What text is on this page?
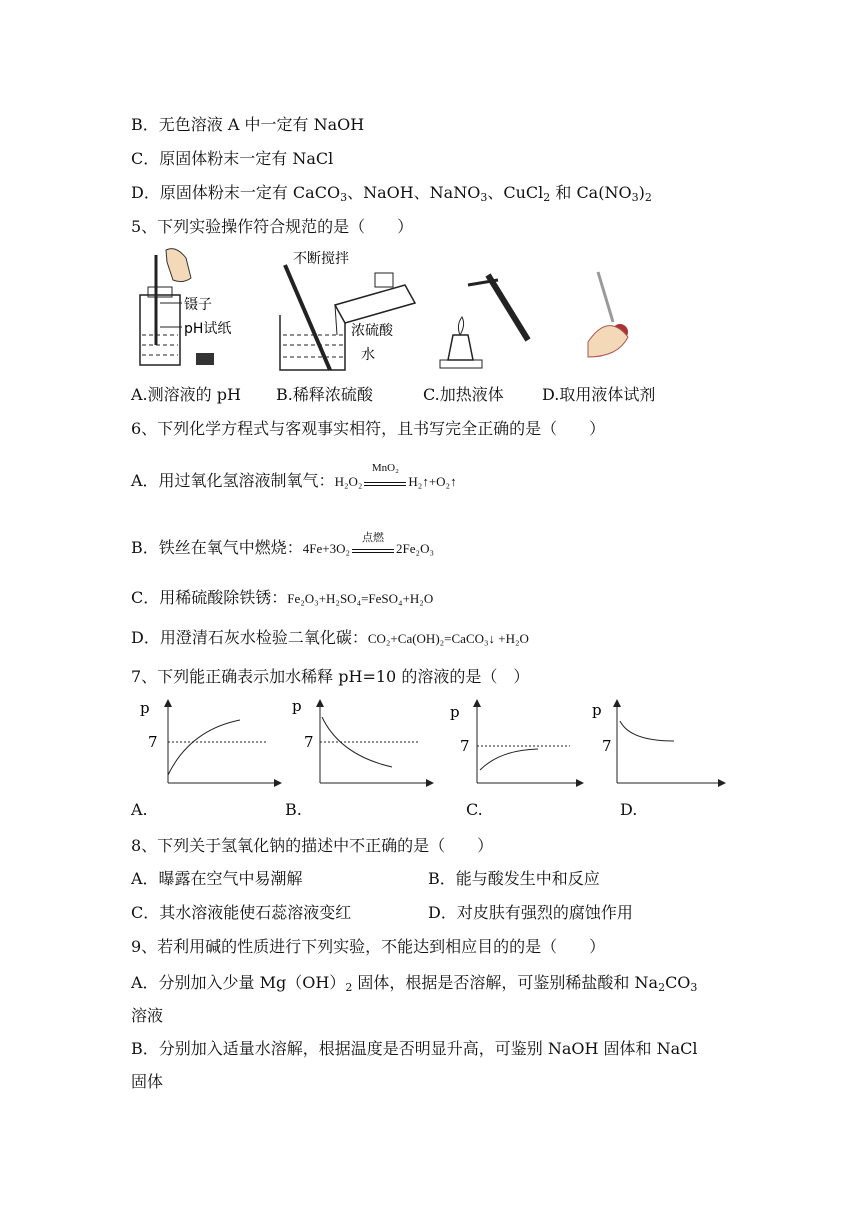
B．无色溶液 A 中一定有 NaOH
C．原固体粉末一定有 NaCl
D．原固体粉末一定有 CaCO$_3$、NaOH、NaNO$_3$、CuCl$_2$ 和 $Ca(NO_3)_2$
5、下列实验操作符合规范的是（　　）
镊子
pH试纸
不断搅拌
浓硫酸
水
A.测溶液的 pH B.稀释浓硫酸	C.加热液体 D.取用液体试剂
6、下列化学方程式与客观事实相符，且书写完全正确的是（　　）
A．用过氧化氢溶液制氧气：H₂O₂
MnO₂
H₂↑+O₂↑
B．铁丝在氧气中燃烧：4Fe+3O₂
点燃
2Fe₂O₃
C．用稀硫酸除铁锈：Fe₂O₃+H₂SO₄=FeSO₄+H₂O
D．用澄清石灰水检验二氧化碳：CO₂+Ca(OH)₂=CaCO₃↓ +H₂O
7、下列能正确表示加水稀释 pH=10 的溶液的是（　）
p
7
p
7
p
7
p
7
A.	B.	C.	D.
8、下列关于氢氧化钠的描述中不正确的是（　　）
A．曝露在空气中易潮解	B．能与酸发生中和反应
C．其水溶液能使石蕊溶液变红	D．对皮肤有强烈的腐蚀作用
9、若利用碱的性质进行下列实验，不能达到相应目的的是（　　）
A．分别加入少量 $Mg(OH)_2$ 固体，根据是否溶解，可鉴别稀盐酸和 $Na_2CO_3$
溶液
B．分别加入适量水溶解，根据温度是否明显升高，可鉴别 NaOH 固体和 NaCl
固体
